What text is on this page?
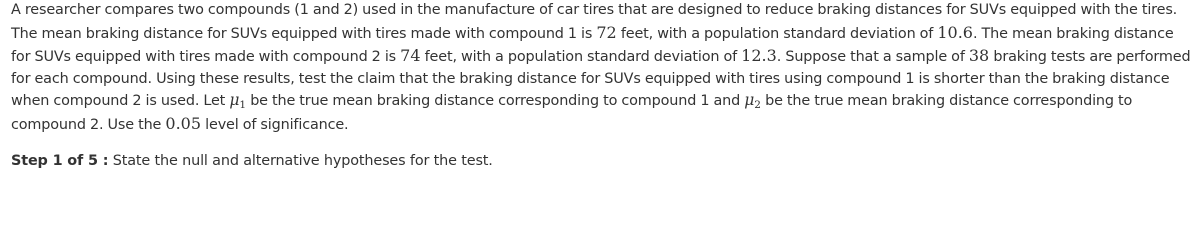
A researcher compares two compounds (1 and 2) used in the manufacture of car tires that are designed to reduce braking distances for SUVs equipped with the tires. The mean braking distance for SUVs equipped with tires made with compound 1 is 72 feet, with a population standard deviation of 10.6. The mean braking distance for SUVs equipped with tires made with compound 2 is 74 feet, with a population standard deviation of 12.3. Suppose that a sample of 38 braking tests are performed for each compound. Using these results, test the claim that the braking distance for SUVs equipped with tires using compound 1 is shorter than the braking distance when compound 2 is used. Let $\mu_1$ be the true mean braking distance corresponding to compound 1 and $\mu_2$ be the true mean braking distance corresponding to compound 2. Use the 0.05 level of significance.
Step 1 of 5 : State the null and alternative hypotheses for the test.
